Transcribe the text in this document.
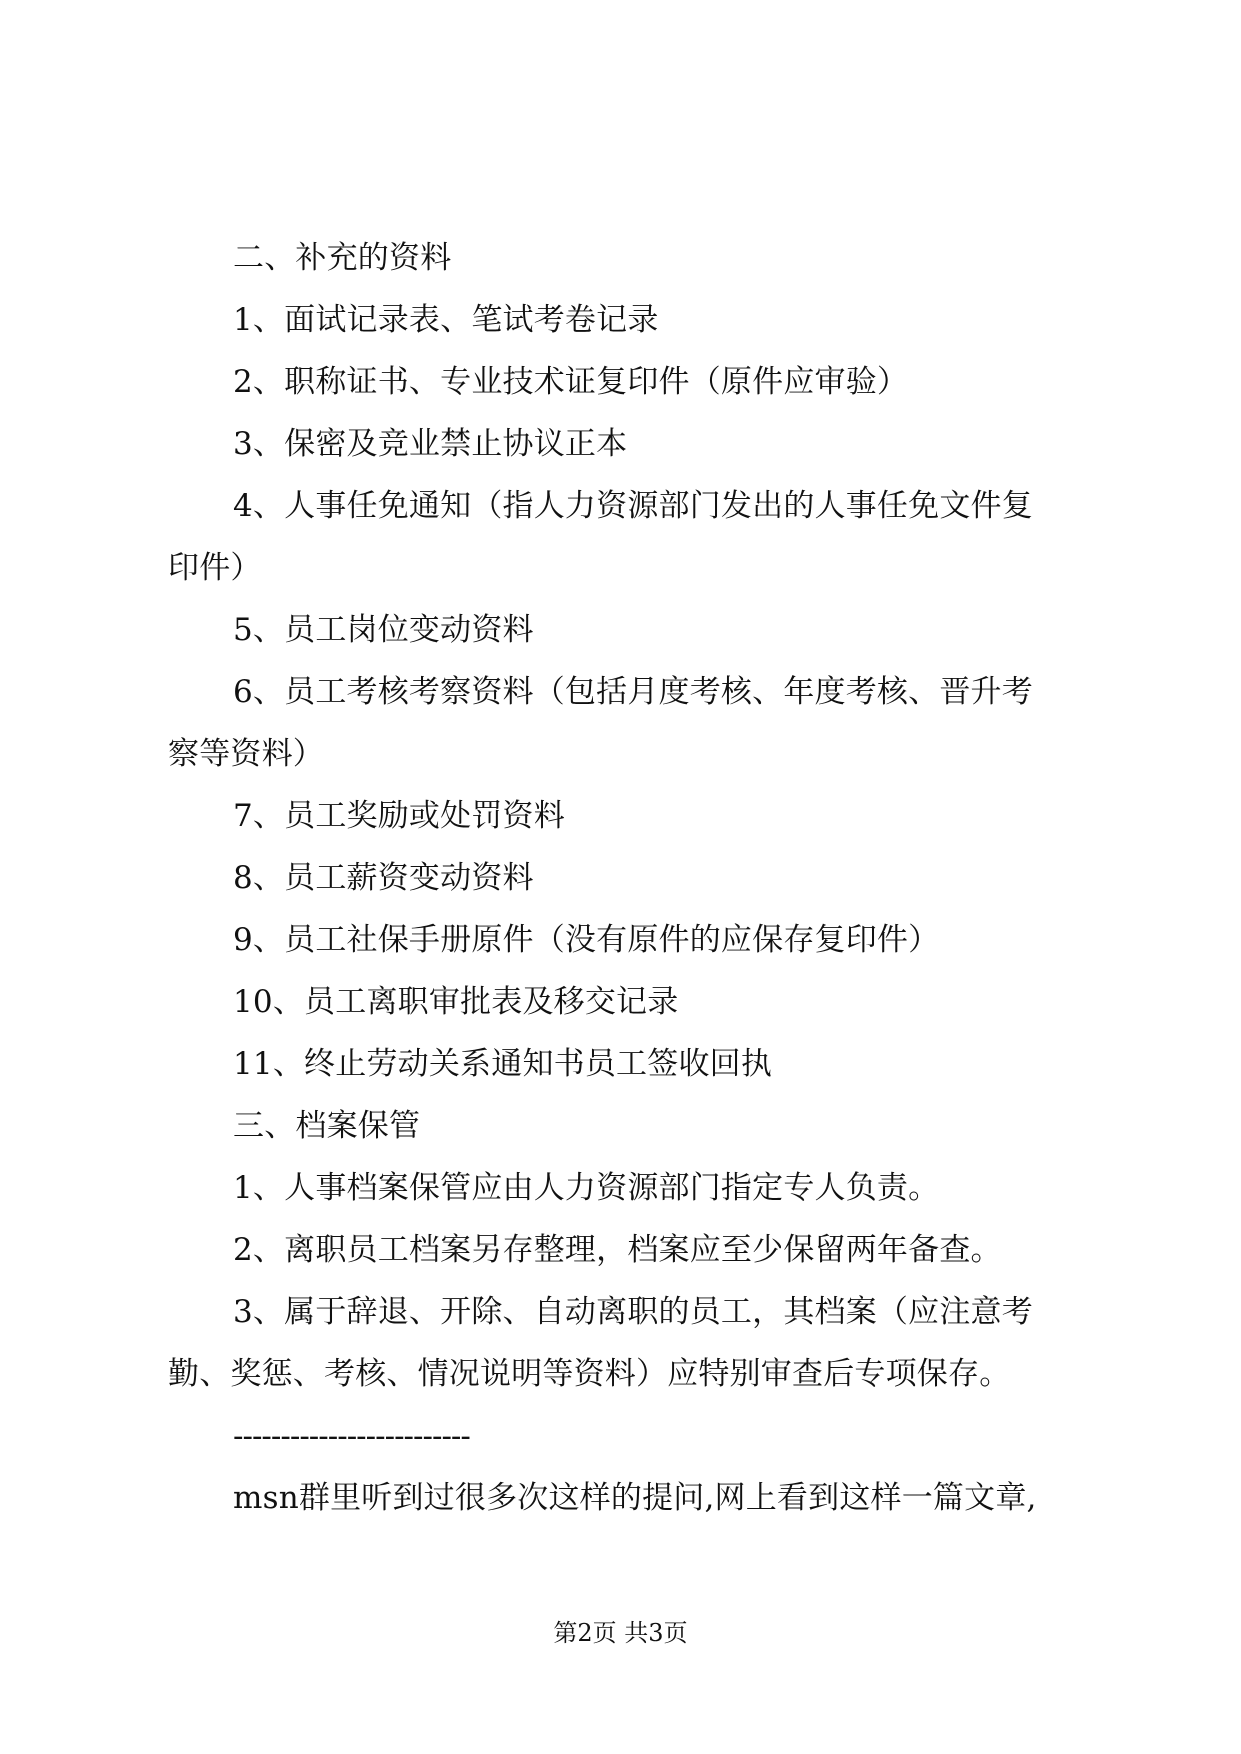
二、补充的资料
1、面试记录表、笔试考卷记录
2、职称证书、专业技术证复印件（原件应审验）
3、保密及竞业禁止协议正本
4、人事任免通知（指人力资源部门发出的人事任免文件复
印件）
5、员工岗位变动资料
6、员工考核考察资料（包括月度考核、年度考核、晋升考
察等资料）
7、员工奖励或处罚资料
8、员工薪资变动资料
9、员工社保手册原件（没有原件的应保存复印件）
10、员工离职审批表及移交记录
11、终止劳动关系通知书员工签收回执
三、档案保管
1、人事档案保管应由人力资源部门指定专人负责。
2、离职员工档案另存整理，档案应至少保留两年备查。
3、属于辞退、开除、自动离职的员工，其档案（应注意考
勤、奖惩、考核、情况说明等资料）应特别审查后专项保存。
-------------------------
msn群里听到过很多次这样的提问,网上看到这样一篇文章,
第2页 共3页
